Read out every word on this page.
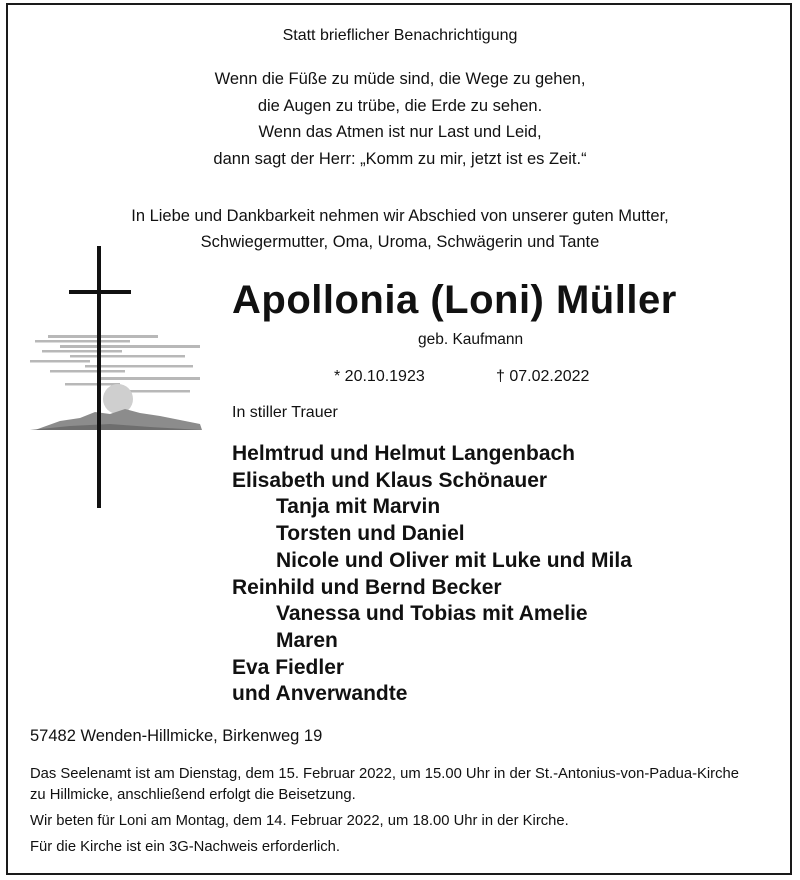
Statt brieflicher Benachrichtigung
Wenn die Füße zu müde sind, die Wege zu gehen,
die Augen zu trübe, die Erde zu sehen.
Wenn das Atmen ist nur Last und Leid,
dann sagt der Herr: „Komm zu mir, jetzt ist es Zeit.“
In Liebe und Dankbarkeit nehmen wir Abschied von unserer guten Mutter,
Schwiegermutter, Oma, Uroma, Schwägerin und Tante
Apollonia (Loni) Müller
geb. Kaufmann
* 20.10.1923	† 07.02.2022
In stiller Trauer
Helmtrud und Helmut Langenbach
Elisabeth und Klaus Schönauer
Tanja mit Marvin
Torsten und Daniel
Nicole und Oliver mit Luke und Mila
Reinhild und Bernd Becker
Vanessa und Tobias mit Amelie
Maren
Eva Fiedler
und Anverwandte
57482 Wenden-Hillmicke, Birkenweg 19
Das Seelenamt ist am Dienstag, dem 15. Februar 2022, um 15.00 Uhr in der St.-Antonius-von-Padua-Kirche
zu Hillmicke, anschließend erfolgt die Beisetzung.
Wir beten für Loni am Montag, dem 14. Februar 2022, um 18.00 Uhr in der Kirche.
Für die Kirche ist ein 3G-Nachweis erforderlich.
